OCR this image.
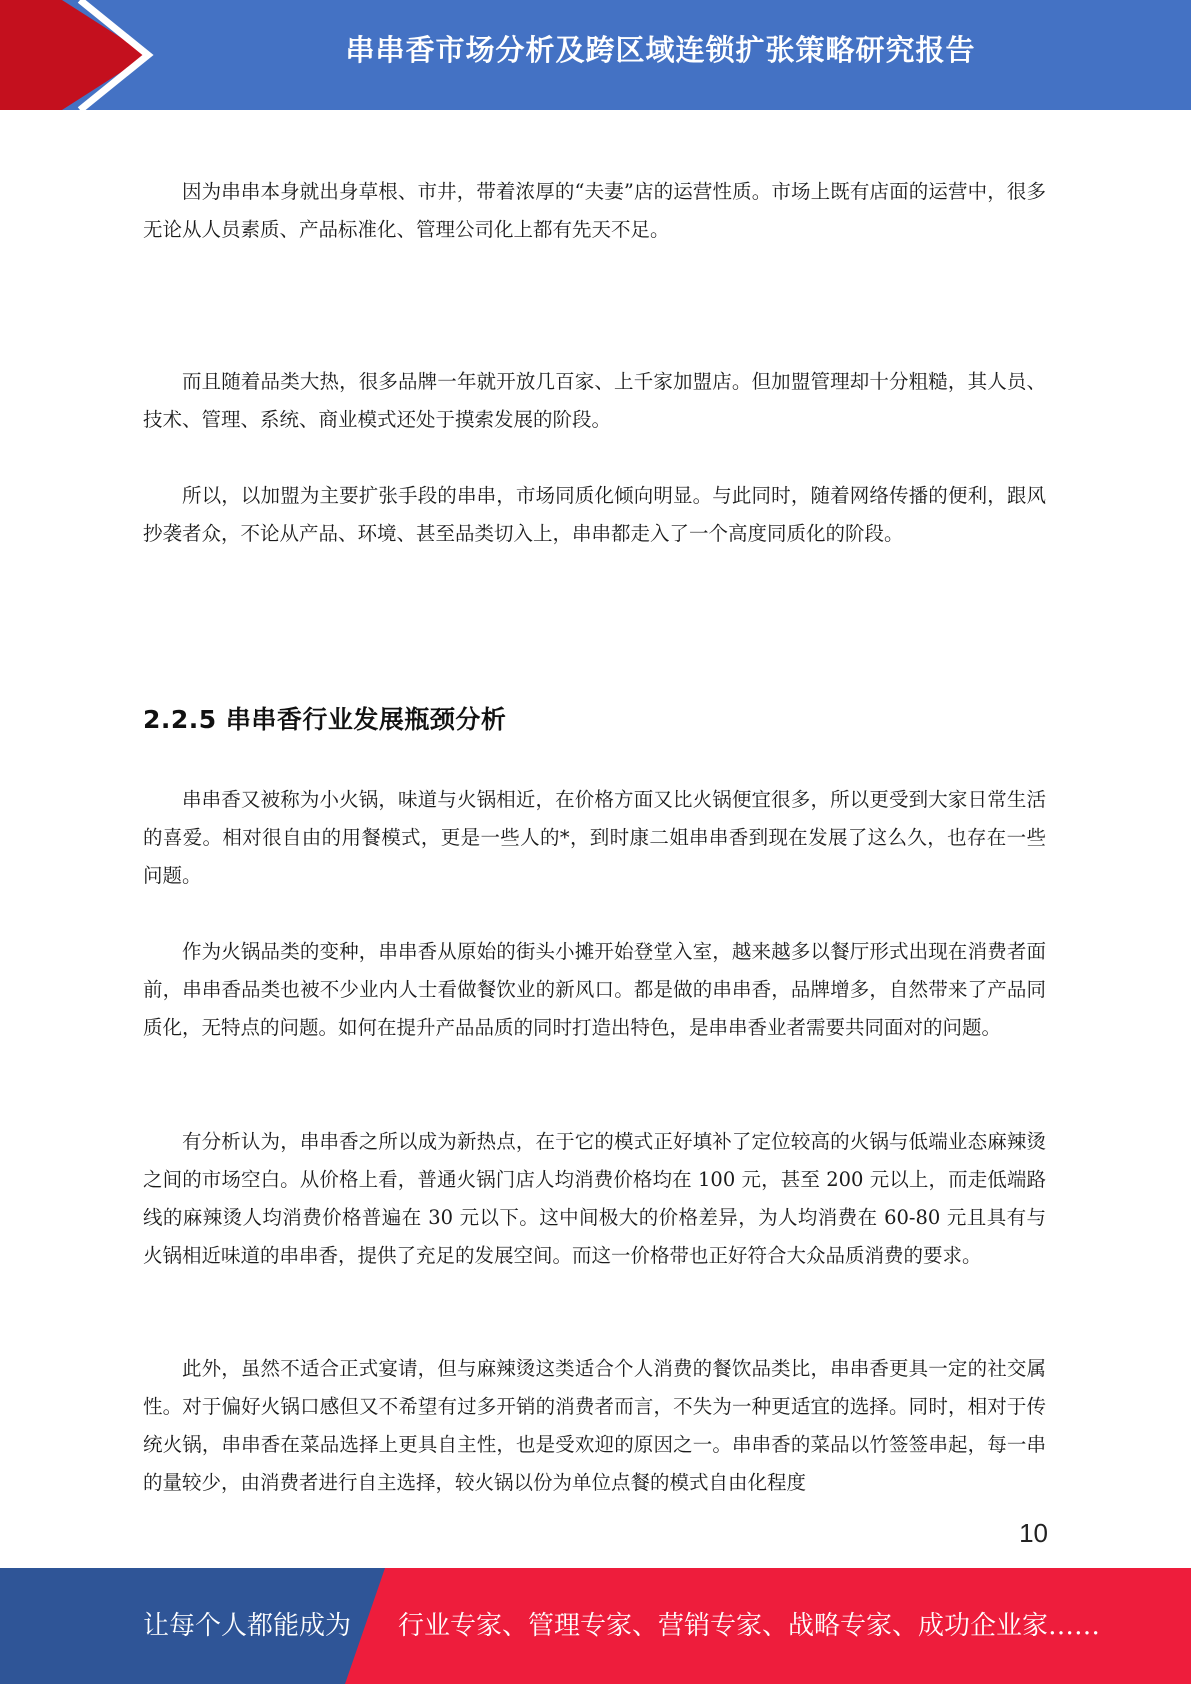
串串香市场分析及跨区域连锁扩张策略研究报告

因为串串本身就出身草根、市井，带着浓厚的“夫妻”店的运营性质。市场上既有店面的运营中，很多无论从人员素质、产品标准化、管理公司化上都有先天不足。

而且随着品类大热，很多品牌一年就开放几百家、上千家加盟店。但加盟管理却十分粗糙，其人员、技术、管理、系统、商业模式还处于摸索发展的阶段。

所以，以加盟为主要扩张手段的串串，市场同质化倾向明显。与此同时，随着网络传播的便利，跟风抄袭者众，不论从产品、环境、甚至品类切入上，串串都走入了一个高度同质化的阶段。

2.2.5 串串香行业发展瓶颈分析

串串香又被称为小火锅，味道与火锅相近，在价格方面又比火锅便宜很多，所以更受到大家日常生活的喜爱。相对很自由的用餐模式，更是一些人的*，到时康二姐串串香到现在发展了这么久，也存在一些问题。

作为火锅品类的变种，串串香从原始的街头小摊开始登堂入室，越来越多以餐厅形式出现在消费者面前，串串香品类也被不少业内人士看做餐饮业的新风口。都是做的串串香，品牌增多，自然带来了产品同质化，无特点的问题。如何在提升产品品质的同时打造出特色，是串串香业者需要共同面对的问题。

有分析认为，串串香之所以成为新热点，在于它的模式正好填补了定位较高的火锅与低端业态麻辣烫之间的市场空白。从价格上看，普通火锅门店人均消费价格均在 100 元，甚至 200 元以上，而走低端路线的麻辣烫人均消费价格普遍在 30 元以下。这中间极大的价格差异，为人均消费在 60-80 元且具有与火锅相近味道的串串香，提供了充足的发展空间。而这一价格带也正好符合大众品质消费的要求。

此外，虽然不适合正式宴请，但与麻辣烫这类适合个人消费的餐饮品类比，串串香更具一定的社交属性。对于偏好火锅口感但又不希望有过多开销的消费者而言，不失为一种更适宜的选择。同时，相对于传统火锅，串串香在菜品选择上更具自主性，也是受欢迎的原因之一。串串香的菜品以竹签签串起，每一串的量较少，由消费者进行自主选择，较火锅以份为单位点餐的模式自由化程度

10
让每个人都能成为 行业专家、管理专家、营销专家、战略专家、成功企业家……
